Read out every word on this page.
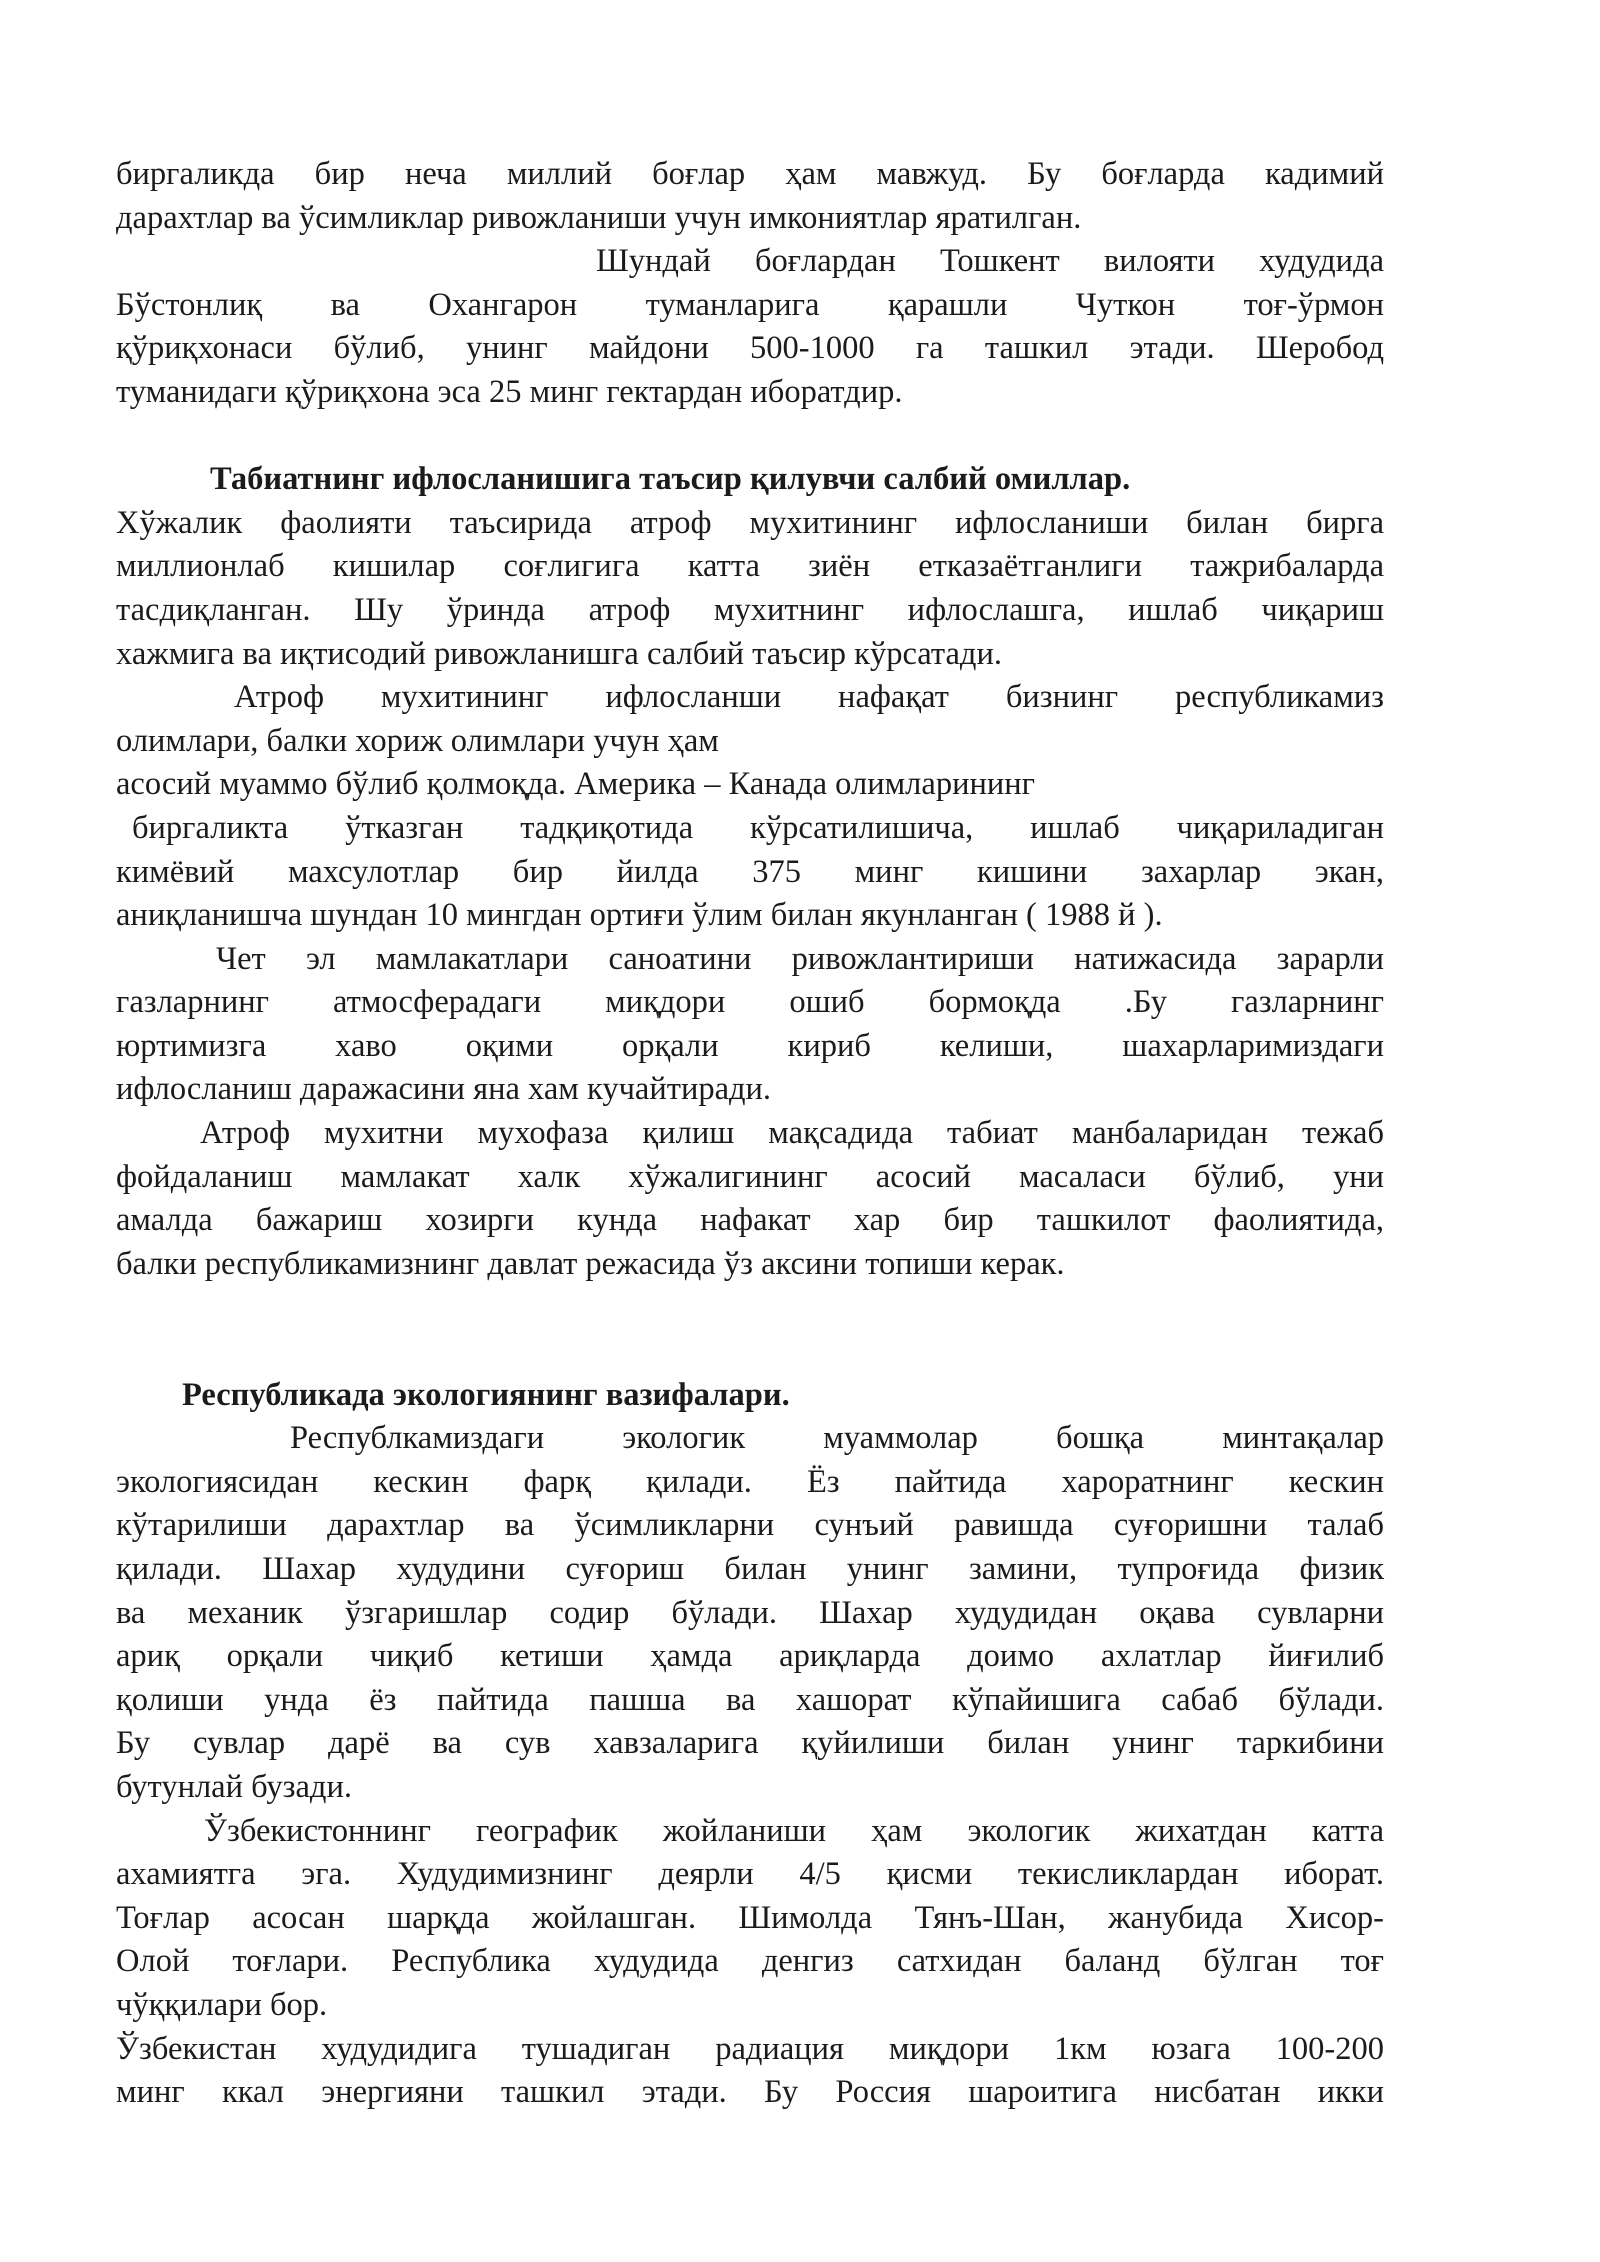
биргаликда бир неча миллий боғлар ҳам мавжуд. Бу боғларда кадимий
дарахтлар ва ўсимликлар ривожланиши учун имкониятлар яратилган.
Шундай боғлардан Тошкент вилояти худудида
Бўстонлиқ ва Охангарон туманларига қарашли Чуткон тоғ-ўрмон
қўриқхонаси бўлиб, унинг майдони 500-1000 га ташкил этади. Шеробод
туманидаги қўриқхона эса 25 минг гектардан иборатдир.
Табиатнинг ифлосланишига таъсир қилувчи салбий омиллар.
Хўжалик фаолияти таъсирида атроф мухитининг ифлосланиши билан бирга
миллионлаб кишилар соғлигига катта зиён етказаётганлиги тажрибаларда
тасдиқланган. Шу ўринда атроф мухитнинг ифлослашга, ишлаб чиқариш
хажмига ва иқтисодий ривожланишга салбий таъсир кўрсатади.
Атроф мухитининг ифлосланши нафақат бизнинг республикамиз
олимлари, балки хориж олимлари учун ҳам
асосий муаммо бўлиб қолмоқда. Америка – Канада олимларининг
биргаликта ўтказган тадқиқотида кўрсатилишича, ишлаб чиқариладиган
кимёвий махсулотлар бир йилда 375 минг кишини захарлар экан,
аниқланишча шундан 10 мингдан ортиғи ўлим билан якунланган ( 1988 й ).
Чет эл мамлакатлари саноатини ривожлантириши натижасида зарарли
газларнинг атмосферадаги миқдори ошиб бормоқда .Бу газларнинг
юртимизга хаво оқими орқали кириб келиши, шахарларимиздаги
ифлосланиш даражасини яна хам кучайтиради.
Атроф мухитни мухофаза қилиш мақсадида табиат манбаларидан тежаб
фойдаланиш мамлакат халк хўжалигининг асосий масаласи бўлиб, уни
амалда бажариш хозирги кунда нафакат хар бир ташкилот фаолиятида,
балки республикамизнинг давлат режасида ўз аксини топиши керак.
Республикада экологиянинг вазифалари.
Республкамиздаги экологик муаммолар бошқа минтақалар
экологиясидан кескин фарқ қилади. Ёз пайтида хароратнинг кескин
кўтарилиши дарахтлар ва ўсимликларни сунъий равишда суғоришни талаб
қилади. Шахар худудини суғориш билан унинг замини, тупроғида физик
ва механик ўзгаришлар содир бўлади. Шахар худудидан оқава сувларни
ариқ орқали чиқиб кетиши ҳамда ариқларда доимо ахлатлар йиғилиб
қолиши унда ёз пайтида пашша ва хашорат кўпайишига сабаб бўлади.
Бу сувлар дарё ва сув хавзаларига қуйилиши билан унинг таркибини
бутунлай бузади.
Ўзбекистоннинг географик жойланиши ҳам экологик жихатдан катта
ахамиятга эга. Худудимизнинг деярли 4/5 қисми текисликлардан иборат.
Тоғлар асосан шарқда жойлашган. Шимолда Тянъ-Шан, жанубида Хисор-
Олой тоғлари. Республика худудида денгиз сатхидан баланд бўлган тоғ
чўққилари бор.
Ўзбекистан худудидига тушадиган радиация миқдори 1км юзага 100-200
минг ккал энергияни ташкил этади. Бу Россия шароитига нисбатан икки
